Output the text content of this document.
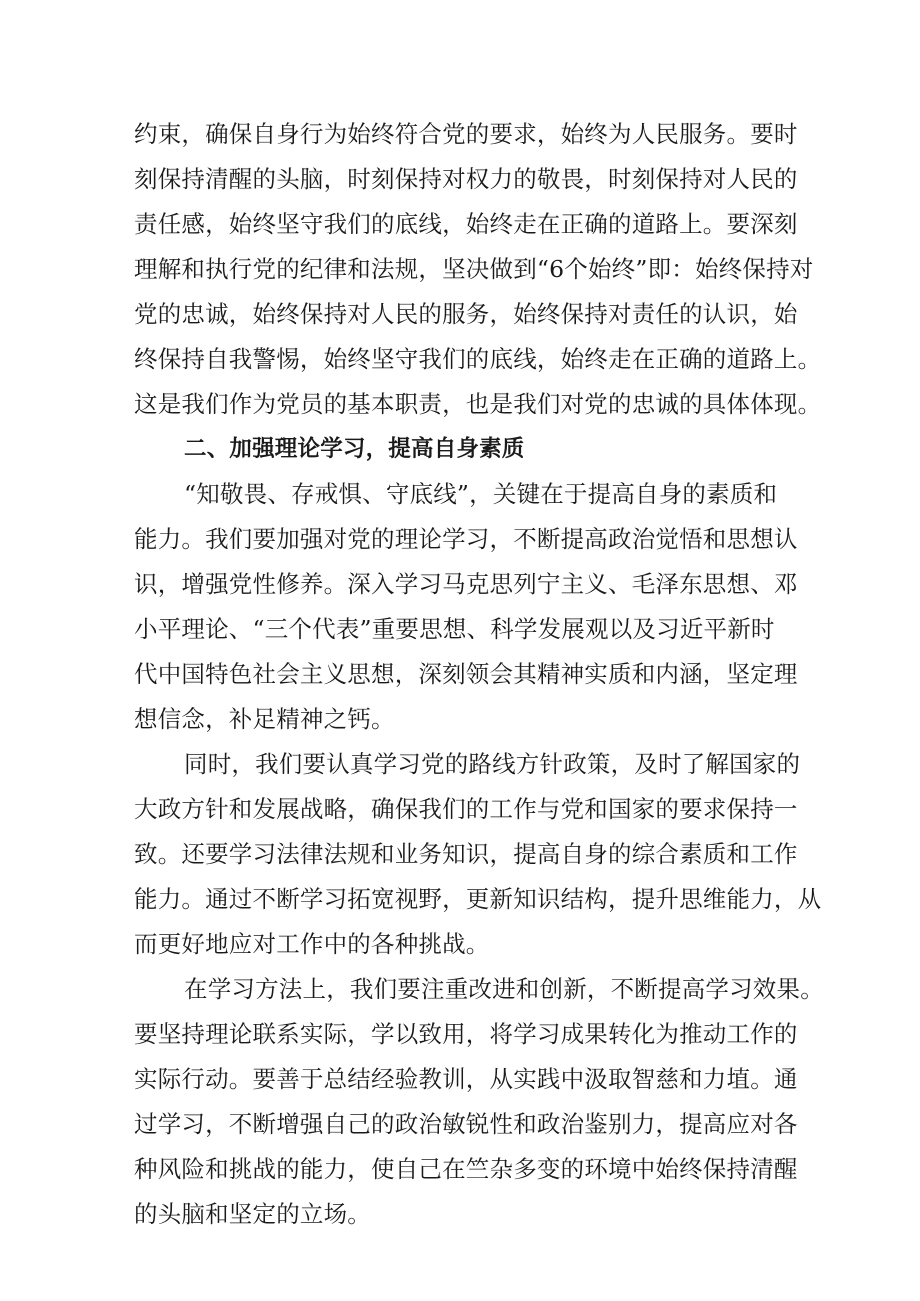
约束，确保自身行为始终符合党的要求，始终为人民服务。要时
刻保持清醒的头脑，时刻保持对权力的敬畏，时刻保持对人民的
责任感，始终坚守我们的底线，始终走在正确的道路上。要深刻
理解和执行党的纪律和法规，坚决做到“6个始终”即：始终保持对
党的忠诚，始终保持对人民的服务，始终保持对责任的认识，始
终保持自我警惕，始终坚守我们的底线，始终走在正确的道路上。
这是我们作为党员的基本职责，也是我们对党的忠诚的具体体现。
二、加强理论学习，提高自身素质
“知敬畏、存戒惧、守底线”，关键在于提高自身的素质和
能力。我们要加强对党的理论学习，不断提高政治觉悟和思想认
识，增强党性修养。深入学习马克思列宁主义、毛泽东思想、邓
小平理论、“三个代表”重要思想、科学发展观以及习近平新时
代中国特色社会主义思想，深刻领会其精神实质和内涵，坚定理
想信念，补足精神之钙。
同时，我们要认真学习党的路线方针政策，及时了解国家的
大政方针和发展战略，确保我们的工作与党和国家的要求保持一
致。还要学习法律法规和业务知识，提高自身的综合素质和工作
能力。通过不断学习拓宽视野，更新知识结构，提升思维能力，从
而更好地应对工作中的各种挑战。
在学习方法上，我们要注重改进和创新，不断提高学习效果。
要坚持理论联系实际，学以致用，将学习成果转化为推动工作的
实际行动。要善于总结经验教训，从实践中汲取智慈和力埴。通
过学习，不断增强自己的政治敏锐性和政治鉴别力，提高应对各
种风险和挑战的能力，使自己在竺杂多变的环境中始终保持清醒
的头脑和坚定的立场。
